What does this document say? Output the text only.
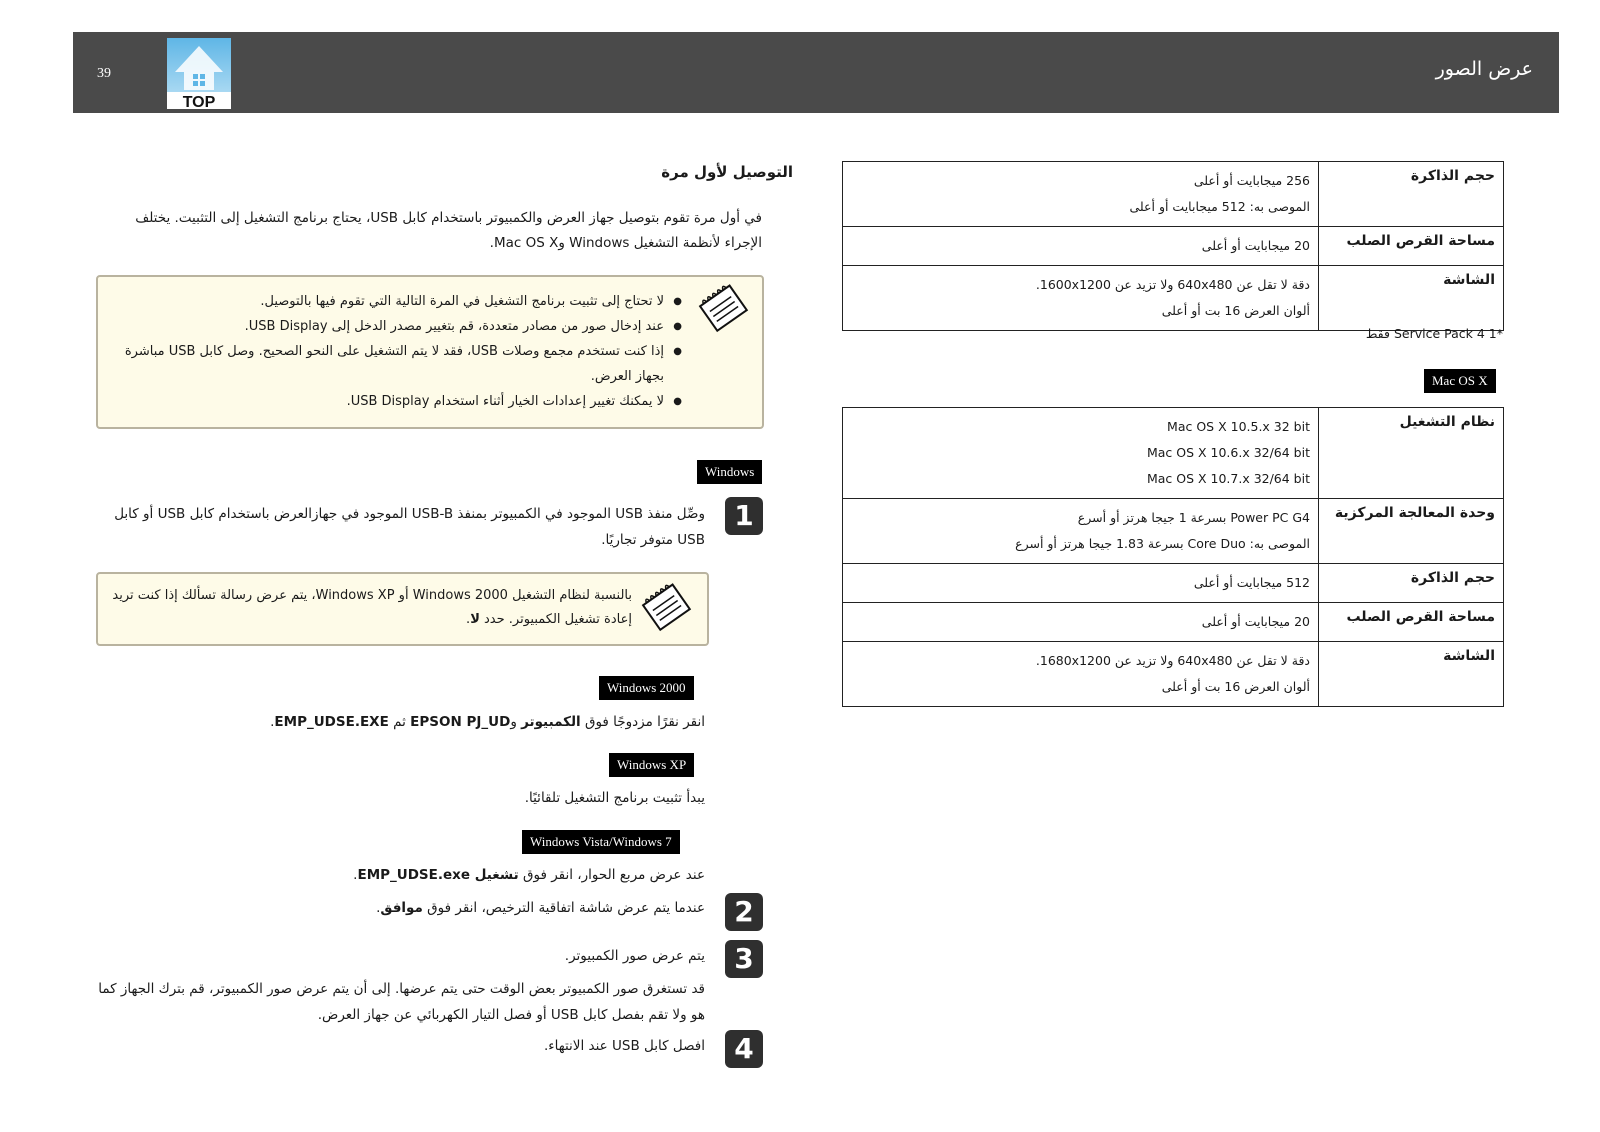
39
TOP
عرض الصور
256 ميجابايت أو أعلى
الموصى به: 512 ميجابايت أو أعلى	حجم الذاكرة

20 ميجابايت أو أعلى	مساحة القرص الصلب

دقة لا تقل عن 640x480 ولا تزيد عن 1600x1200.
ألوان العرض 16 بت أو أعلى	الشاشة
*1 Service Pack 4 فقط
Mac OS X
Mac OS X 10.5.x 32 bit
Mac OS X 10.6.x 32/64 bit
Mac OS X 10.7.x 32/64 bit	نظام التشغيل

Power PC G4 بسرعة 1 جيجا هرتز أو أسرع
الموصى به: Core Duo بسرعة 1.83 جيجا هرتز أو أسرع	وحدة المعالجة المركزية

512 ميجابايت أو أعلى	حجم الذاكرة

20 ميجابايت أو أعلى	مساحة القرص الصلب

دقة لا تقل عن 640x480 ولا تزيد عن 1680x1200.
ألوان العرض 16 بت أو أعلى	الشاشة
التوصيل لأول مرة
في أول مرة تقوم بتوصيل جهاز العرض والكمبيوتر باستخدام كابل USB، يحتاج برنامج التشغيل إلى التثبيت. يختلف الإجراء لأنظمة التشغيل Windows وMac OS X.
● لا تحتاج إلى تثبيت برنامج التشغيل في المرة التالية التي تقوم فيها بالتوصيل.
● عند إدخال صور من مصادر متعددة، قم بتغيير مصدر الدخل إلى USB Display.
● إذا كنت تستخدم مجمع وصلات USB، فقد لا يتم التشغيل على النحو الصحيح. وصل كابل USB مباشرة بجهاز العرض.
● لا يمكنك تغيير إعدادات الخيار أثناء استخدام USB Display.
Windows
1
وصِّل منفذ USB الموجود في الكمبيوتر بمنفذ USB-B الموجود في جهازالعرض باستخدام كابل USB أو كابل USB متوفر تجاريًا.
بالنسبة لنظام التشغيل Windows 2000 أو Windows XP، يتم عرض رسالة تسألك إذا كنت تريد إعادة تشغيل الكمبيوتر. حدد لا.
Windows 2000
انقر نقرًا مزدوجًا فوق الكمبيوتر وEPSON PJ_UD ثم EMP_UDSE.EXE.
Windows XP
يبدأ تثبيت برنامج التشغيل تلقائيًا.
Windows Vista/Windows 7
عند عرض مربع الحوار، انقر فوق تشغيل EMP_UDSE.exe.
2
عندما يتم عرض شاشة اتفاقية الترخيص، انقر فوق موافق.
3
يتم عرض صور الكمبيوتر.
قد تستغرق صور الكمبيوتر بعض الوقت حتى يتم عرضها. إلى أن يتم عرض صور الكمبيوتر، قم بترك الجهاز كما هو ولا تقم بفصل كابل USB أو فصل التيار الكهربائي عن جهاز العرض.
4
افصل كابل USB عند الانتهاء.
